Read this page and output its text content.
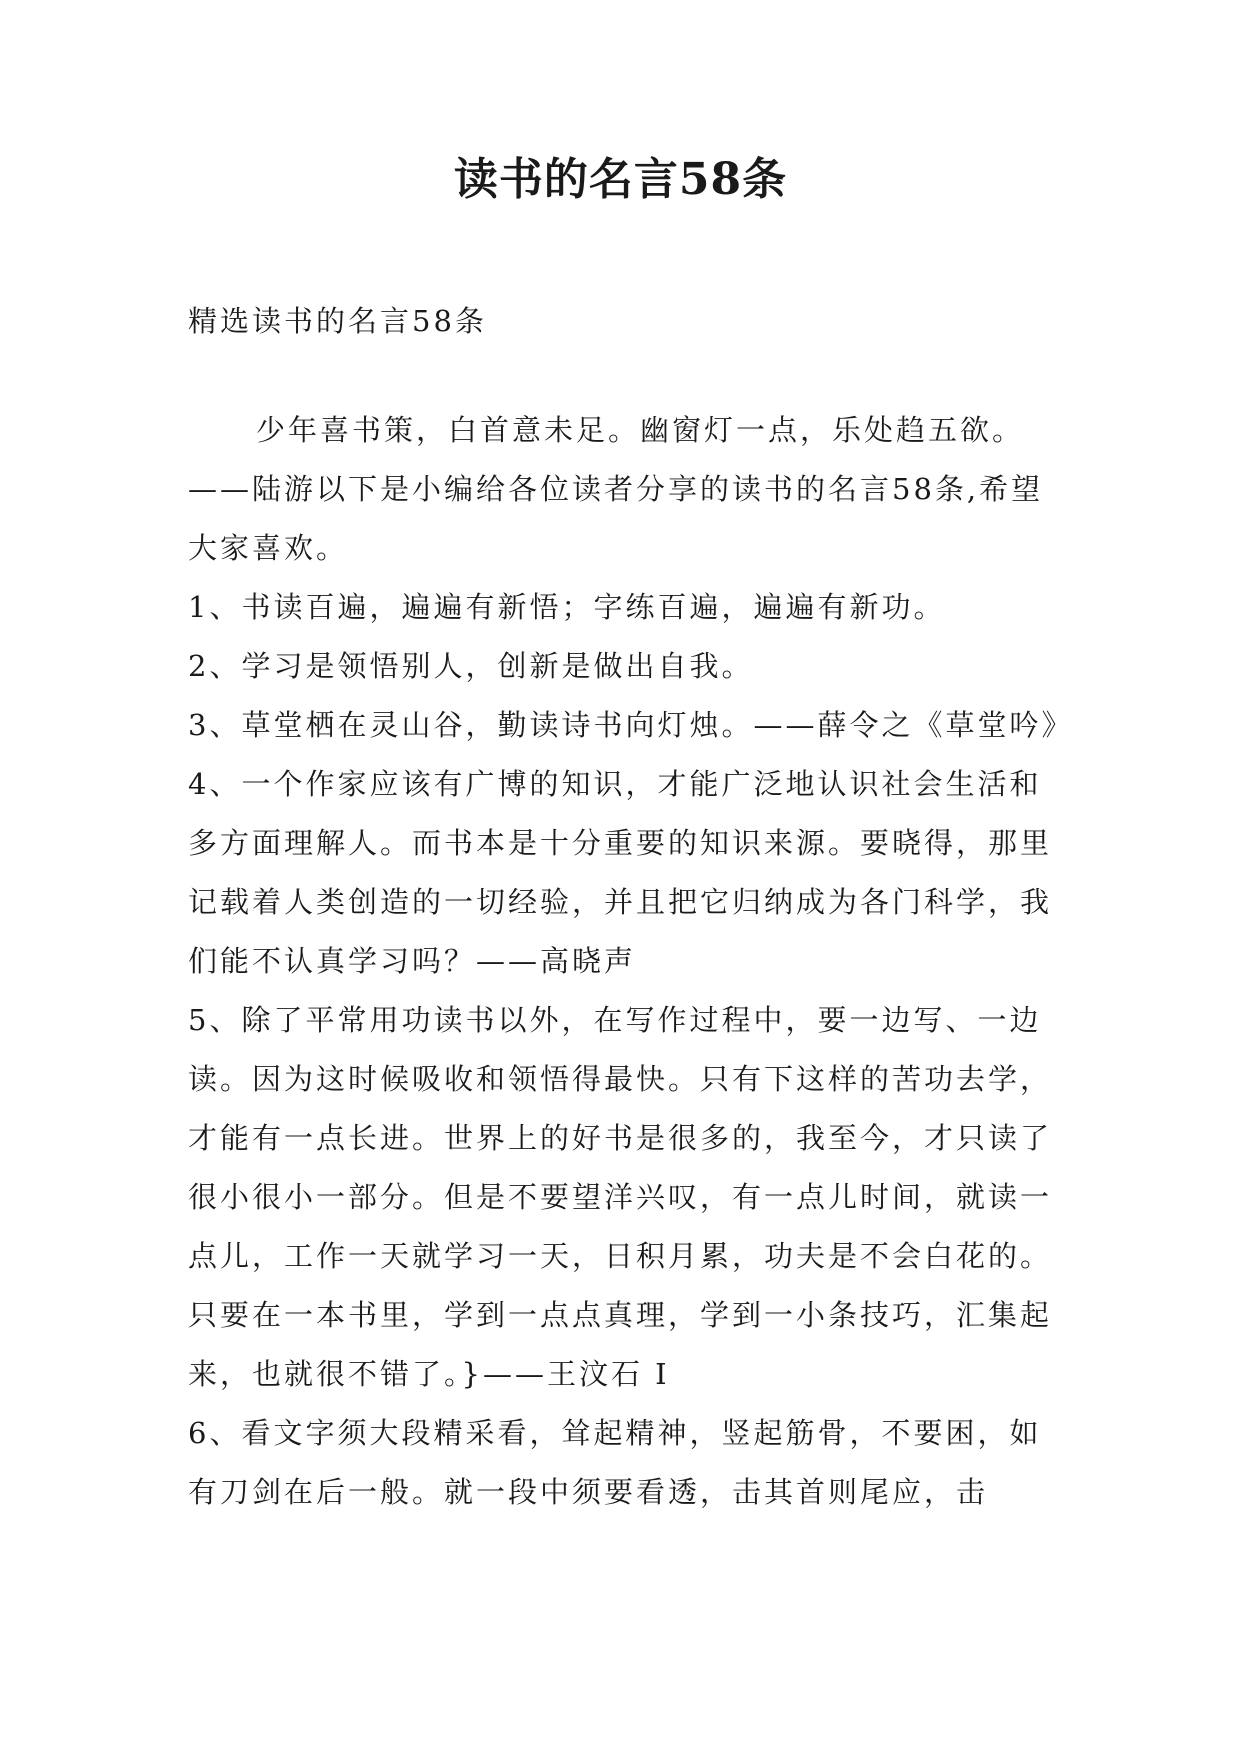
读书的名言58条

精选读书的名言58条

少年喜书策，白首意未足。幽窗灯一点，乐处趋五欲。——陆游以下是小编给各位读者分享的读书的名言58条,希望大家喜欢。

1、书读百遍，遍遍有新悟；字练百遍，遍遍有新功。

2、学习是领悟别人，创新是做出自我。

3、草堂栖在灵山谷，勤读诗书向灯烛。——薛令之《草堂吟》

4、一个作家应该有广博的知识，才能广泛地认识社会生活和多方面理解人。而书本是十分重要的知识来源。要晓得，那里记载着人类创造的一切经验，并且把它归纳成为各门科学，我们能不认真学习吗？——高晓声

5、除了平常用功读书以外，在写作过程中，要一边写、一边读。因为这时候吸收和领悟得最快。只有下这样的苦功去学，才能有一点长进。世界上的好书是很多的，我至今，才只读了很小很小一部分。但是不要望洋兴叹，有一点儿时间，就读一点儿，工作一天就学习一天，日积月累，功夫是不会白花的。只要在一本书里，学到一点点真理，学到一小条技巧，汇集起来，也就很不错了。}——王汶石 I

6、看文字须大段精采看，耸起精神，竖起筋骨，不要困，如有刀剑在后一般。就一段中须要看透，击其首则尾应，击
